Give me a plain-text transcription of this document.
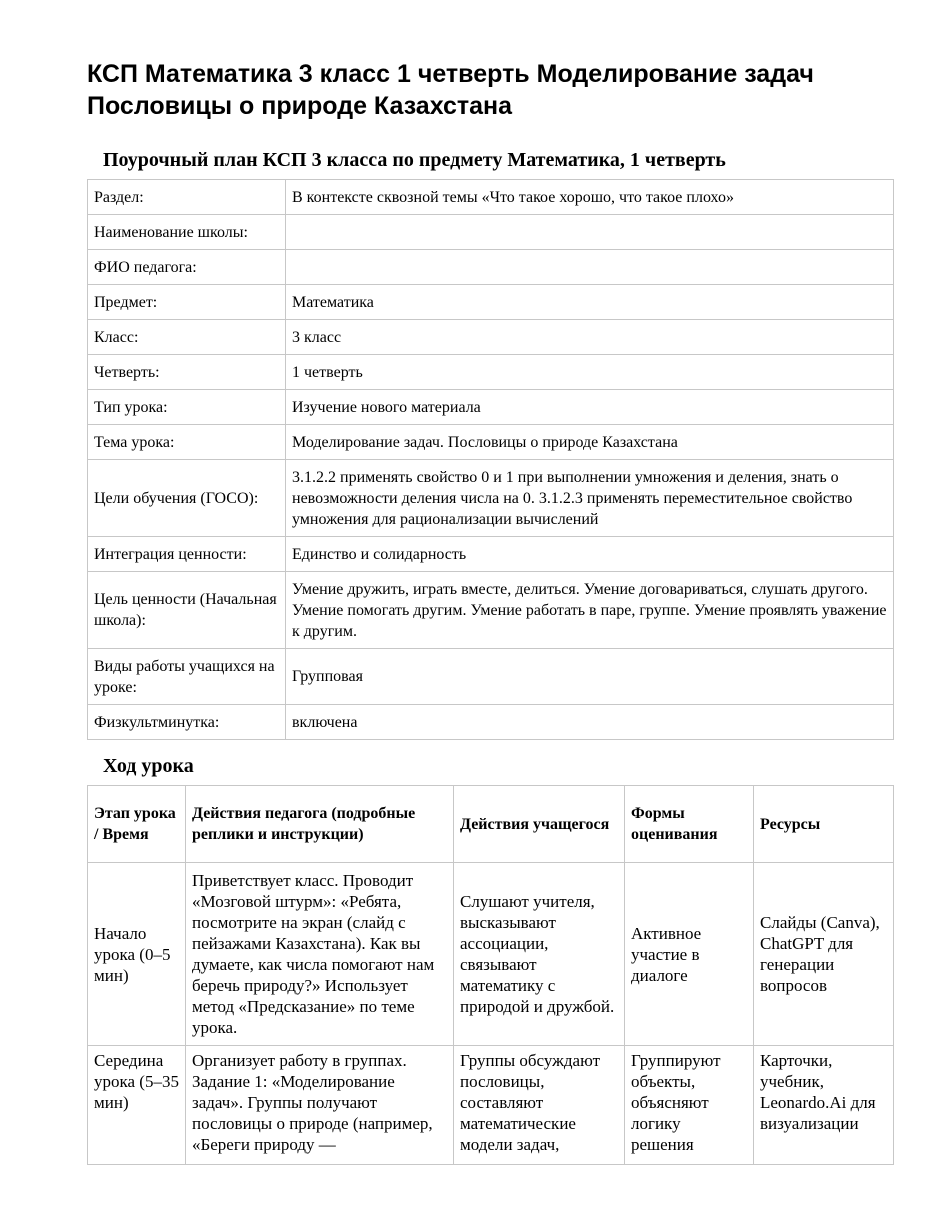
КСП Математика 3 класс 1 четверть Моделирование задач Пословицы о природе Казахстана
Поурочный план КСП 3 класса по предмету Математика, 1 четверть
Раздел:	В контексте сквозной темы «Что такое хорошо, что такое плохо»
Наименование школы:	
ФИО педагога:	
Предмет:	Математика
Класс:	3 класс
Четверть:	1 четверть
Тип урока:	Изучение нового материала
Тема урока:	Моделирование задач. Пословицы о природе Казахстана
Цели обучения (ГОСО):	3.1.2.2 применять свойство 0 и 1 при выполнении умножения и деления, знать о невозможности деления числа на 0. 3.1.2.3 применять переместительное свойство умножения для рационализации вычислений
Интеграция ценности:	Единство и солидарность
Цель ценности (Начальная школа):	Умение дружить, играть вместе, делиться. Умение договариваться, слушать другого. Умение помогать другим. Умение работать в паре, группе. Умение проявлять уважение к другим.
Виды работы учащихся на уроке:	Групповая
Физкультминутка:	включена
Ход урока
Этап урока / Время	Действия педагога (подробные реплики и инструкции)	Действия учащегося	Формы оценивания	Ресурсы
Начало урока (0–5 мин)	Приветствует класс. Проводит «Мозговой штурм»: «Ребята, посмотрите на экран (слайд с пейзажами Казахстана). Как вы думаете, как числа помогают нам беречь природу?» Использует метод «Предсказание» по теме урока.	Слушают учителя, высказывают ассоциации, связывают математику с природой и дружбой.	Активное участие в диалоге	Слайды (Canva), ChatGPT для генерации вопросов
Середина урока (5–35 мин)	Организует работу в группах. Задание 1: «Моделирование задач». Группы получают пословицы о природе (например, «Береги природу —	Группы обсуждают пословицы, составляют математические модели задач,	Группируют объекты, объясняют логику решения	Карточки, учебник, Leonardo.Ai для визуализации
